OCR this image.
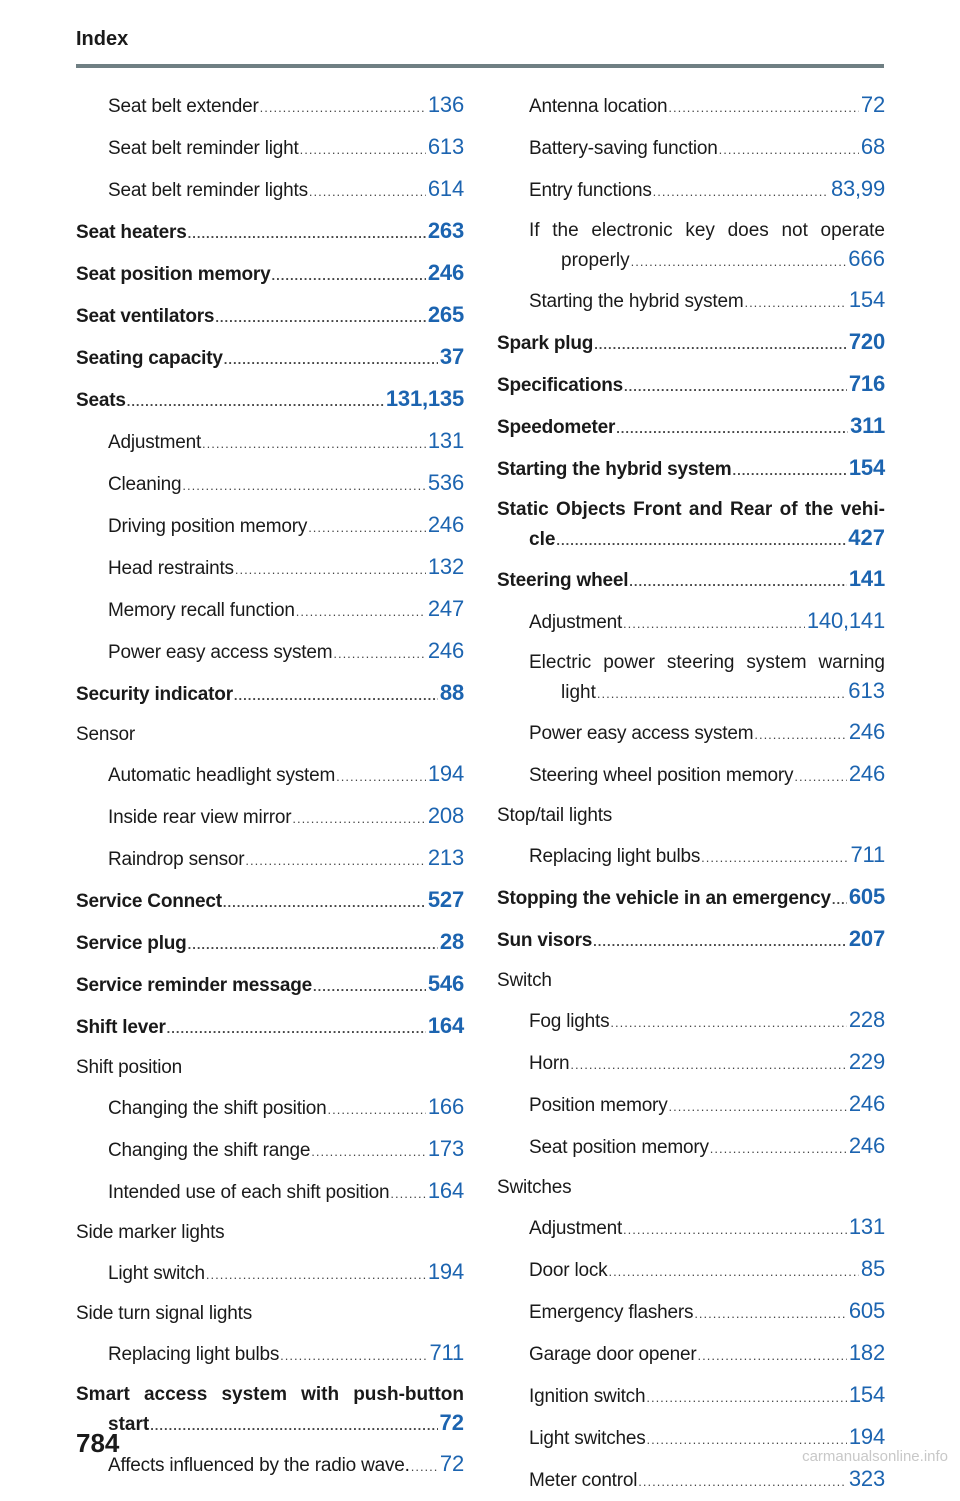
Index
Seat belt extender .....	136
Seat belt reminder light .....	613
Seat belt reminder lights .....	614
Seat heaters .....	263
Seat position memory .....	246
Seat ventilators .....	265
Seating capacity .....	37
Seats .....	131,135
Adjustment .....	131
Cleaning .....	536
Driving position memory .....	246
Head restraints .....	132
Memory recall function .....	247
Power easy access system .....	246
Security indicator .....	88
Sensor
Automatic headlight system .....	194
Inside rear view mirror .....	208
Raindrop sensor .....	213
Service Connect .....	527
Service plug .....	28
Service reminder message .....	546
Shift lever .....	164
Shift position
Changing the shift position .....	166
Changing the shift range .....	173
Intended use of each shift position ..... 164
Side marker lights
Light switch .....	194
Side turn signal lights
Replacing light bulbs .....	711
Smart access system with push-button
start .....	72
Affects influenced by the radio wave. ..... 72
Antenna location .....	72
Battery-saving function .....	68
Entry functions .....	83,99
If the electronic key does not operate
properly .....	666
Starting the hybrid system .....	154
Spark plug .....	720
Specifications .....	716
Speedometer .....	311
Starting the hybrid system .....	154
Static Objects Front and Rear of the vehi-
cle .....	427
Steering wheel .....	141
Adjustment .....	140,141
Electric power steering system warning
light .....	613
Power easy access system .....	246
Steering wheel position memory .....	246
Stop/tail lights
Replacing light bulbs .....	711
Stopping the vehicle in an emergency ..... 605
Sun visors .....	207
Switch
Fog lights .....	228
Horn .....	229
Position memory .....	246
Seat position memory .....	246
Switches
Adjustment .....	131
Door lock .....	85
Emergency flashers .....	605
Garage door opener .....	182
Ignition switch .....	154
Light switches .....	194
Meter control .....	323
784	carmanualsonline.info
